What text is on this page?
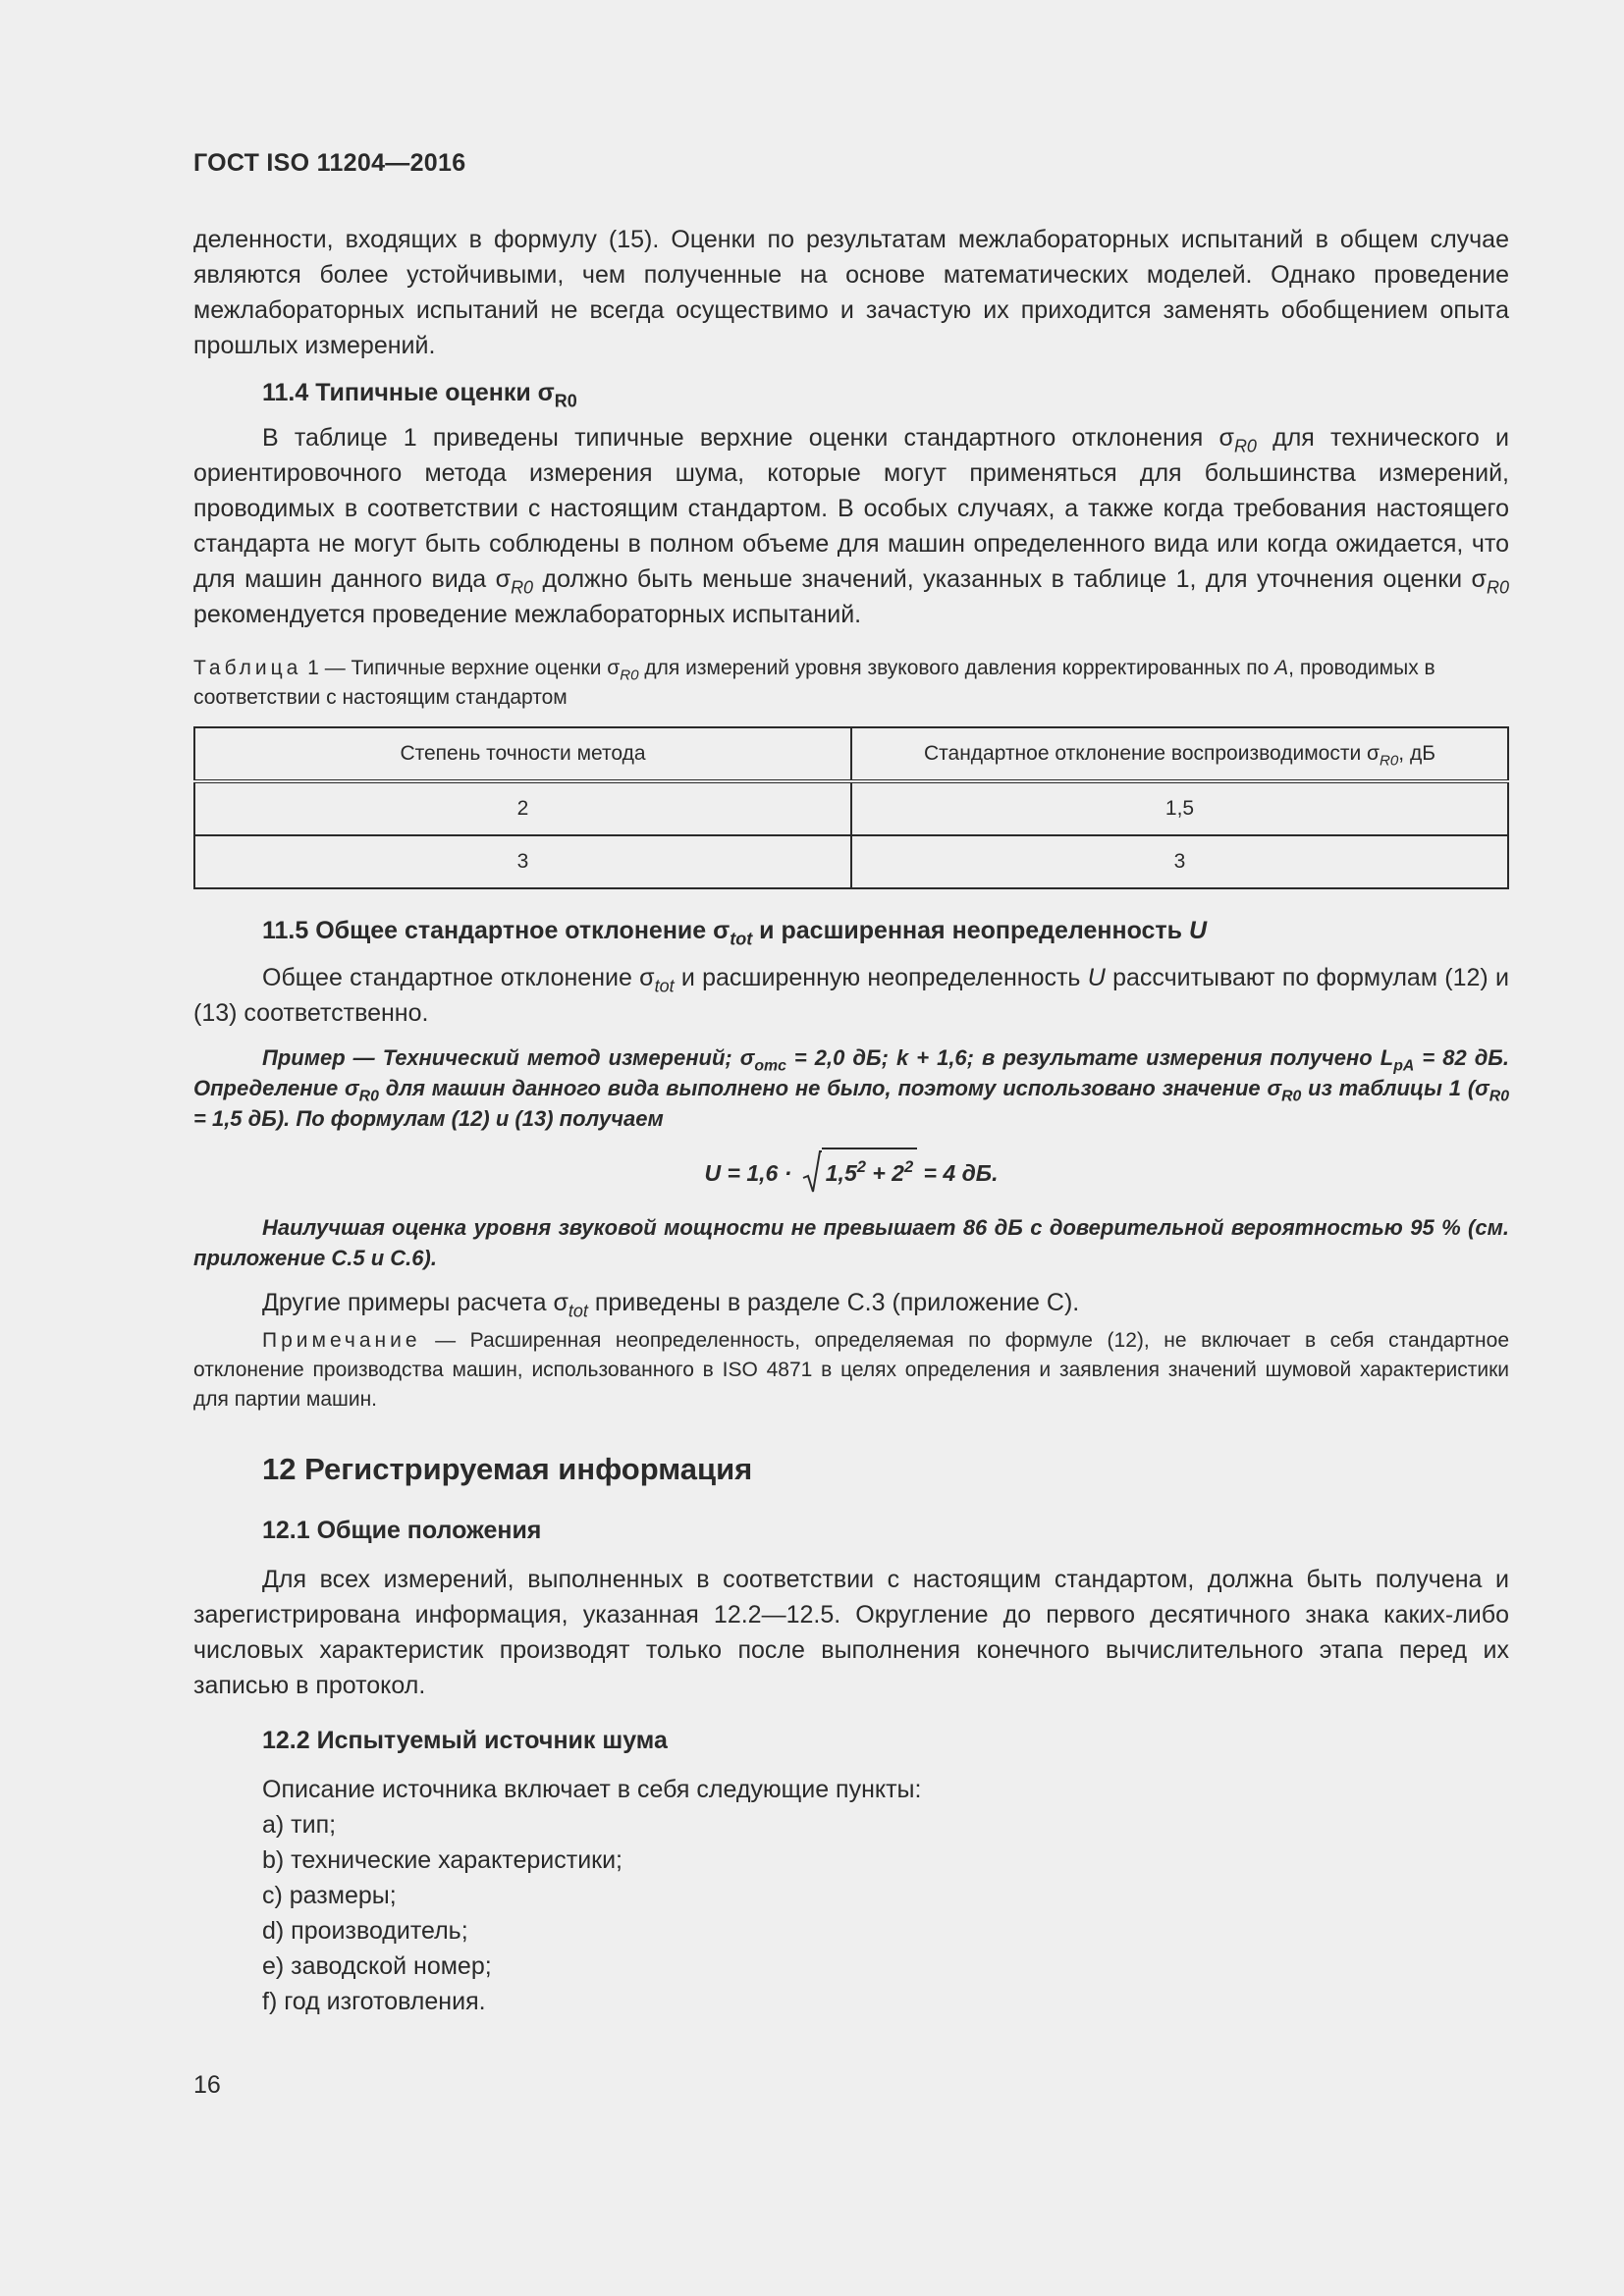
ГОСТ ISO 11204—2016

деленности, входящих в формулу (15). Оценки по результатам межлабораторных испытаний в общем случае являются более устойчивыми, чем полученные на основе математических моделей. Однако проведение межлабораторных испытаний не всегда осуществимо и зачастую их приходится заменять обобщением опыта прошлых измерений.

11.4 Типичные оценки $\sigma_{R0}$

В таблице 1 приведены типичные верхние оценки стандартного отклонения $\sigma_{R0}$ для технического и ориентировочного метода измерения шума, которые могут применяться для большинства измерений, проводимых в соответствии с настоящим стандартом. В особых случаях, а также когда требования настоящего стандарта не могут быть соблюдены в полном объеме для машин определенного вида или когда ожидается, что для машин данного вида $\sigma_{R0}$ должно быть меньше значений, указанных в таблице 1, для уточнения оценки $\sigma_{R0}$ рекомендуется проведение межлабораторных испытаний.

Таблица 1 — Типичные верхние оценки $\sigma_{R0}$ для измерений уровня звукового давления корректированных по A, проводимых в соответствии с настоящим стандартом

Степень точности метода	Стандартное отклонение воспроизводимости $\sigma_{R0}$, дБ
2	1,5
3	3

11.5 Общее стандартное отклонение $\sigma_{tot}$ и расширенная неопределенность U

Общее стандартное отклонение $\sigma_{tot}$ и расширенную неопределенность U рассчитывают по формулам (12) и (13) соответственно.

Пример — Технический метод измерений; $\sigma_{omc} = 2,0$ дБ; k + 1,6; в результате измерения получено $L_{pA} = 82$ дБ. Определение $\sigma_{R0}$ для машин данного вида выполнено не было, поэтому использовано значение $\sigma_{R0}$ из таблицы 1 ($\sigma_{R0} = 1,5$ дБ). По формулам (12) и (13) получаем

U = 1,6 ·
$1,5^2 + 2^2 = 4$ дБ.

Наилучшая оценка уровня звуковой мощности не превышает 86 дБ с доверительной вероятностью 95 % (см. приложение С.5 и С.6).

Другие примеры расчета $\sigma_{tot}$ приведены в разделе С.3 (приложение С).

Примечание — Расширенная неопределенность, определяемая по формуле (12), не включает в себя стандартное отклонение производства машин, использованного в ISO 4871 в целях определения и заявления значений шумовой характеристики для партии машин.

12 Регистрируемая информация

12.1 Общие положения

Для всех измерений, выполненных в соответствии с настоящим стандартом, должна быть получена и зарегистрирована информация, указанная 12.2—12.5. Округление до первого десятичного знака каких-либо числовых характеристик производят только после выполнения конечного вычислительного этапа перед их записью в протокол.

12.2 Испытуемый источник шума

Описание источника включает в себя следующие пункты:

a) тип;

b) технические характеристики;

c) размеры;

d) производитель;

e) заводской номер;

f) год изготовления.

16
